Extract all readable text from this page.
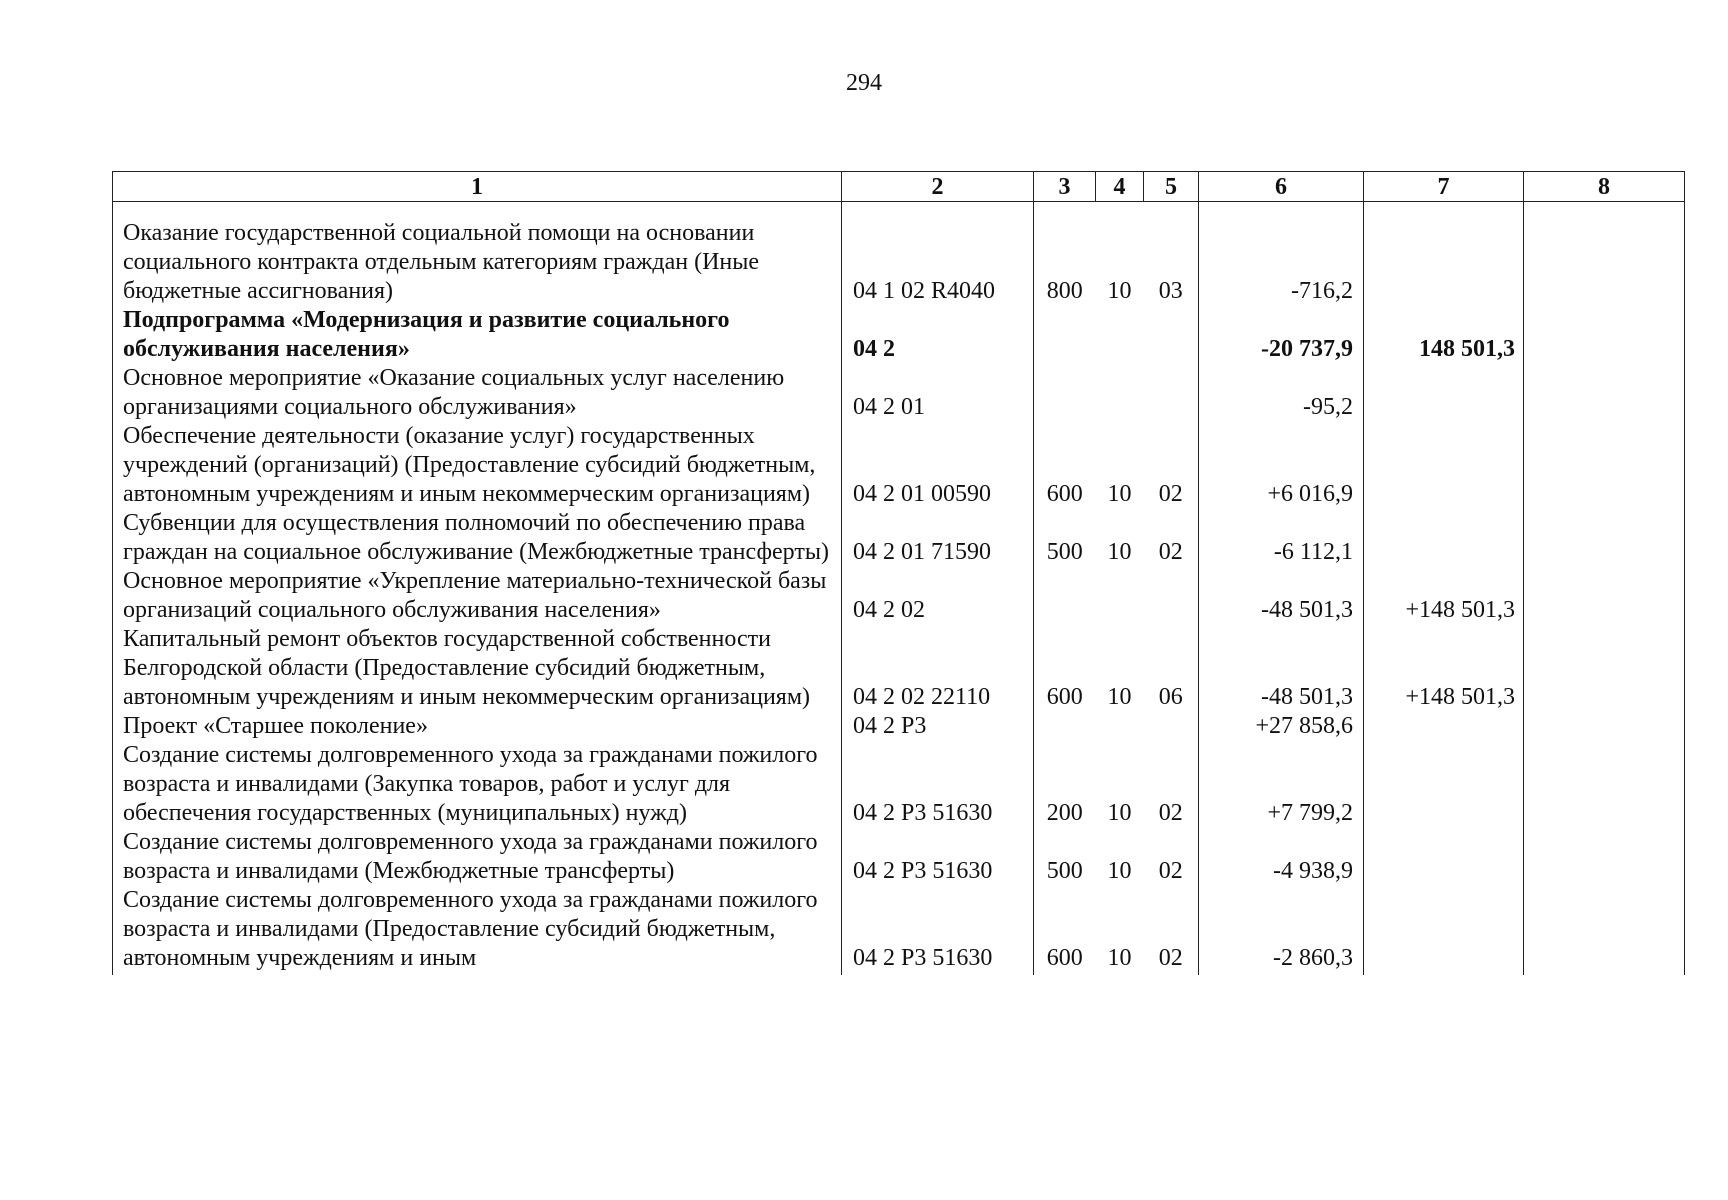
294
1	2	3	4	5	6	7	8
Оказание государственной социальной помощи на основании социального контракта отдельным категориям граждан (Иные бюджетные ассигнования)	04 1 02 R4040	800	10	03	-716,2		
Подпрограмма «Модернизация и развитие социального обслуживания населения»	04 2				-20 737,9	148 501,3	
Основное мероприятие «Оказание социальных услуг населению организациями социального обслуживания»	04 2 01				-95,2		
Обеспечение деятельности (оказание услуг) государственных учреждений (организаций) (Предоставление субсидий бюджетным, автономным учреждениям и иным некоммерческим организациям)	04 2 01 00590	600	10	02	+6 016,9		
Субвенции для осуществления полномочий по обеспечению права граждан на социальное обслуживание (Межбюджетные трансферты)	04 2 01 71590	500	10	02	-6 112,1		
Основное мероприятие «Укрепление материально-технической базы организаций социального обслуживания населения»	04 2 02				-48 501,3	+148 501,3	
Капитальный ремонт объектов государственной собственности Белгородской области (Предоставление субсидий бюджетным, автономным учреждениям и иным некоммерческим организациям)	04 2 02 22110	600	10	06	-48 501,3	+148 501,3	
Проект «Старшее поколение»	04 2 P3				+27 858,6		
Создание системы долговременного ухода за гражданами пожилого возраста и инвалидами (Закупка товаров, работ и услуг для обеспечения государственных (муниципальных) нужд)	04 2 P3 51630	200	10	02	+7 799,2		
Создание системы долговременного ухода за гражданами пожилого возраста и инвалидами (Межбюджетные трансферты)	04 2 P3 51630	500	10	02	-4 938,9		
Создание системы долговременного ухода за гражданами пожилого возраста и инвалидами (Предоставление субсидий бюджетным, автономным учреждениям и иным	04 2 P3 51630	600	10	02	-2 860,3		
